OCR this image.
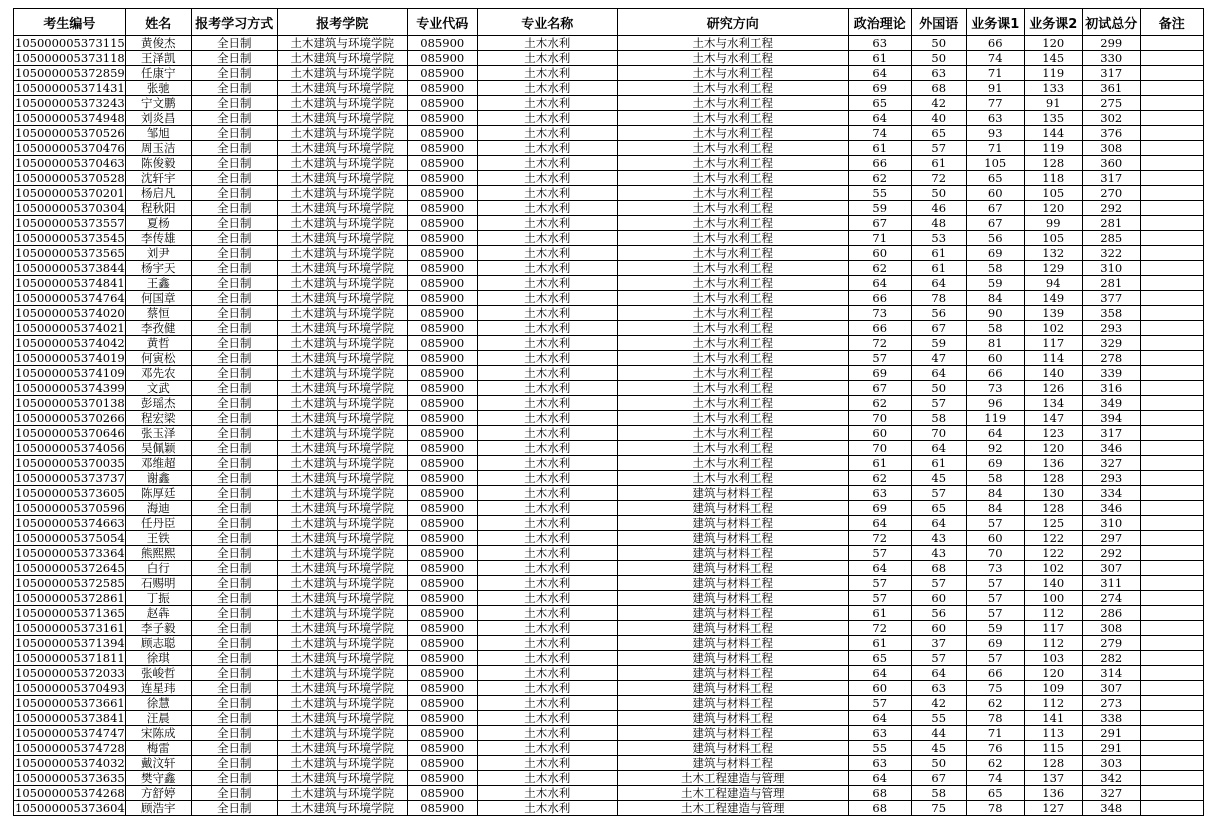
考生编号	姓名	报考学习方式	报考学院	专业代码	专业名称	研究方向	政治理论	外国语	业务课1	业务课2	初试总分	备注
105000005373115	黄俊杰	全日制	土木建筑与环境学院	085900	土木水利	土木与水利工程	63	50	66	120	299	
105000005373118	王泽凯	全日制	土木建筑与环境学院	085900	土木水利	土木与水利工程	61	50	74	145	330	
105000005372859	任康宁	全日制	土木建筑与环境学院	085900	土木水利	土木与水利工程	64	63	71	119	317	
105000005371431	张驰	全日制	土木建筑与环境学院	085900	土木水利	土木与水利工程	69	68	91	133	361	
105000005373243	宁文鹏	全日制	土木建筑与环境学院	085900	土木水利	土木与水利工程	65	42	77	91	275	
105000005374948	刘炎昌	全日制	土木建筑与环境学院	085900	土木水利	土木与水利工程	64	40	63	135	302	
105000005370526	邹旭	全日制	土木建筑与环境学院	085900	土木水利	土木与水利工程	74	65	93	144	376	
105000005370476	周玉洁	全日制	土木建筑与环境学院	085900	土木水利	土木与水利工程	61	57	71	119	308	
105000005370463	陈俊毅	全日制	土木建筑与环境学院	085900	土木水利	土木与水利工程	66	61	105	128	360	
105000005370528	沈轩宇	全日制	土木建筑与环境学院	085900	土木水利	土木与水利工程	62	72	65	118	317	
105000005370201	杨启凡	全日制	土木建筑与环境学院	085900	土木水利	土木与水利工程	55	50	60	105	270	
105000005370304	程秋阳	全日制	土木建筑与环境学院	085900	土木水利	土木与水利工程	59	46	67	120	292	
105000005373557	夏杨	全日制	土木建筑与环境学院	085900	土木水利	土木与水利工程	67	48	67	99	281	
105000005373545	李传雄	全日制	土木建筑与环境学院	085900	土木水利	土木与水利工程	71	53	56	105	285	
105000005373565	刘尹	全日制	土木建筑与环境学院	085900	土木水利	土木与水利工程	60	61	69	132	322	
105000005373844	杨宇天	全日制	土木建筑与环境学院	085900	土木水利	土木与水利工程	62	61	58	129	310	
105000005374841	王鑫	全日制	土木建筑与环境学院	085900	土木水利	土木与水利工程	64	64	59	94	281	
105000005374764	何国章	全日制	土木建筑与环境学院	085900	土木水利	土木与水利工程	66	78	84	149	377	
105000005374020	蔡恒	全日制	土木建筑与环境学院	085900	土木水利	土木与水利工程	73	56	90	139	358	
105000005374021	李孜健	全日制	土木建筑与环境学院	085900	土木水利	土木与水利工程	66	67	58	102	293	
105000005374042	黄哲	全日制	土木建筑与环境学院	085900	土木水利	土木与水利工程	72	59	81	117	329	
105000005374019	何寅松	全日制	土木建筑与环境学院	085900	土木水利	土木与水利工程	57	47	60	114	278	
105000005374109	邓先农	全日制	土木建筑与环境学院	085900	土木水利	土木与水利工程	69	64	66	140	339	
105000005374399	文武	全日制	土木建筑与环境学院	085900	土木水利	土木与水利工程	67	50	73	126	316	
105000005370138	彭瑶杰	全日制	土木建筑与环境学院	085900	土木水利	土木与水利工程	62	57	96	134	349	
105000005370266	程宏梁	全日制	土木建筑与环境学院	085900	土木水利	土木与水利工程	70	58	119	147	394	
105000005370646	张玉泽	全日制	土木建筑与环境学院	085900	土木水利	土木与水利工程	60	70	64	123	317	
105000005374056	吴佩颖	全日制	土木建筑与环境学院	085900	土木水利	土木与水利工程	70	64	92	120	346	
105000005370035	邓维超	全日制	土木建筑与环境学院	085900	土木水利	土木与水利工程	61	61	69	136	327	
105000005373737	谢鑫	全日制	土木建筑与环境学院	085900	土木水利	土木与水利工程	62	45	58	128	293	
105000005373605	陈厚廷	全日制	土木建筑与环境学院	085900	土木水利	建筑与材料工程	63	57	84	130	334	
105000005370596	海迪	全日制	土木建筑与环境学院	085900	土木水利	建筑与材料工程	69	65	84	128	346	
105000005374663	任丹臣	全日制	土木建筑与环境学院	085900	土木水利	建筑与材料工程	64	64	57	125	310	
105000005375054	王铁	全日制	土木建筑与环境学院	085900	土木水利	建筑与材料工程	72	43	60	122	297	
105000005373364	熊熙熙	全日制	土木建筑与环境学院	085900	土木水利	建筑与材料工程	57	43	70	122	292	
105000005372645	白行	全日制	土木建筑与环境学院	085900	土木水利	建筑与材料工程	64	68	73	102	307	
105000005372585	石赐明	全日制	土木建筑与环境学院	085900	土木水利	建筑与材料工程	57	57	57	140	311	
105000005372861	丁振	全日制	土木建筑与环境学院	085900	土木水利	建筑与材料工程	57	60	57	100	274	
105000005371365	赵犇	全日制	土木建筑与环境学院	085900	土木水利	建筑与材料工程	61	56	57	112	286	
105000005373161	李子毅	全日制	土木建筑与环境学院	085900	土木水利	建筑与材料工程	72	60	59	117	308	
105000005371394	顾志聪	全日制	土木建筑与环境学院	085900	土木水利	建筑与材料工程	61	37	69	112	279	
105000005371811	徐琪	全日制	土木建筑与环境学院	085900	土木水利	建筑与材料工程	65	57	57	103	282	
105000005372033	张峻哲	全日制	土木建筑与环境学院	085900	土木水利	建筑与材料工程	64	64	66	120	314	
105000005370493	连星玮	全日制	土木建筑与环境学院	085900	土木水利	建筑与材料工程	60	63	75	109	307	
105000005373661	徐慧	全日制	土木建筑与环境学院	085900	土木水利	建筑与材料工程	57	42	62	112	273	
105000005373841	汪晨	全日制	土木建筑与环境学院	085900	土木水利	建筑与材料工程	64	55	78	141	338	
105000005374747	宋陈成	全日制	土木建筑与环境学院	085900	土木水利	建筑与材料工程	63	44	71	113	291	
105000005374728	梅雷	全日制	土木建筑与环境学院	085900	土木水利	建筑与材料工程	55	45	76	115	291	
105000005374032	戴汶轩	全日制	土木建筑与环境学院	085900	土木水利	建筑与材料工程	63	50	62	128	303	
105000005373635	樊守鑫	全日制	土木建筑与环境学院	085900	土木水利	土木工程建造与管理	64	67	74	137	342	
105000005374268	方舒婷	全日制	土木建筑与环境学院	085900	土木水利	土木工程建造与管理	68	58	65	136	327	
105000005373604	顾浩宇	全日制	土木建筑与环境学院	085900	土木水利	土木工程建造与管理	68	75	78	127	348	
